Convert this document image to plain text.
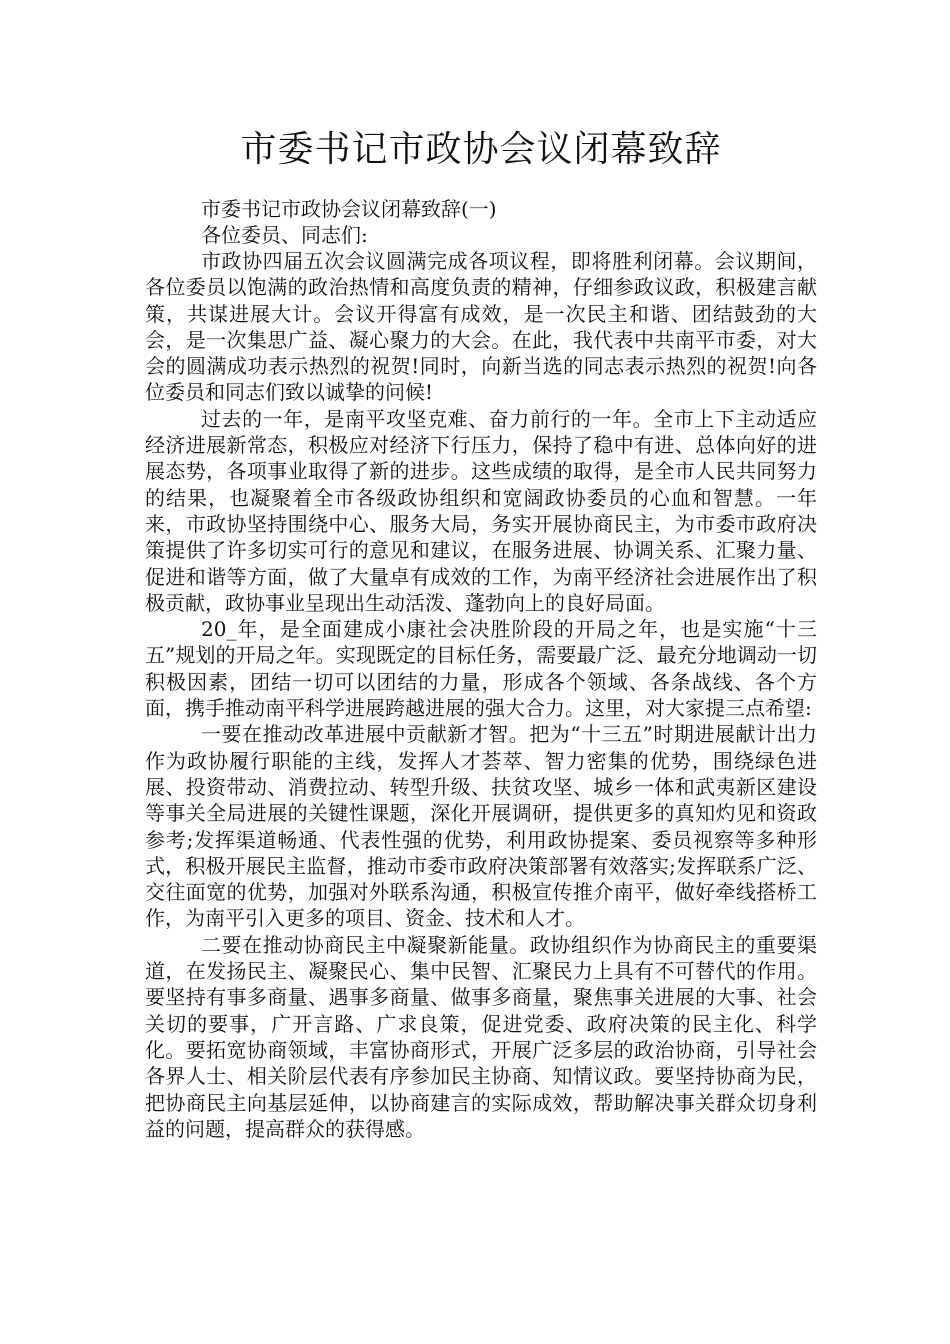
市委书记市政协会议闭幕致辞

市委书记市政协会议闭幕致辞(一)

各位委员、同志们:

市政协四届五次会议圆满完成各项议程，即将胜利闭幕。会议期间，各位委员以饱满的政治热情和高度负责的精神，仔细参政议政，积极建言献策，共谋进展大计。会议开得富有成效，是一次民主和谐、团结鼓劲的大会，是一次集思广益、凝心聚力的大会。在此，我代表中共南平市委，对大会的圆满成功表示热烈的祝贺!同时，向新当选的同志表示热烈的祝贺!向各位委员和同志们致以诚挚的问候!

过去的一年，是南平攻坚克难、奋力前行的一年。全市上下主动适应经济进展新常态，积极应对经济下行压力，保持了稳中有进、总体向好的进展态势，各项事业取得了新的进步。这些成绩的取得，是全市人民共同努力的结果，也凝聚着全市各级政协组织和宽阔政协委员的心血和智慧。一年来，市政协坚持围绕中心、服务大局，务实开展协商民主，为市委市政府决策提供了许多切实可行的意见和建议，在服务进展、协调关系、汇聚力量、促进和谐等方面，做了大量卓有成效的工作，为南平经济社会进展作出了积极贡献，政协事业呈现出生动活泼、蓬勃向上的良好局面。

20_年，是全面建成小康社会决胜阶段的开局之年，也是实施“十三五”规划的开局之年。实现既定的目标任务，需要最广泛、最充分地调动一切积极因素，团结一切可以团结的力量，形成各个领域、各条战线、各个方面，携手推动南平科学进展跨越进展的强大合力。这里，对大家提三点希望:

一要在推动改革进展中贡献新才智。把为“十三五”时期进展献计出力作为政协履行职能的主线，发挥人才荟萃、智力密集的优势，围绕绿色进展、投资带动、消费拉动、转型升级、扶贫攻坚、城乡一体和武夷新区建设等事关全局进展的关键性课题，深化开展调研，提供更多的真知灼见和资政参考;发挥渠道畅通、代表性强的优势，利用政协提案、委员视察等多种形式，积极开展民主监督，推动市委市政府决策部署有效落实;发挥联系广泛、交往面宽的优势，加强对外联系沟通，积极宣传推介南平，做好牵线搭桥工作，为南平引入更多的项目、资金、技术和人才。

二要在推动协商民主中凝聚新能量。政协组织作为协商民主的重要渠道，在发扬民主、凝聚民心、集中民智、汇聚民力上具有不可替代的作用。要坚持有事多商量、遇事多商量、做事多商量，聚焦事关进展的大事、社会关切的要事，广开言路、广求良策，促进党委、政府决策的民主化、科学化。要拓宽协商领域，丰富协商形式，开展广泛多层的政治协商，引导社会各界人士、相关阶层代表有序参加民主协商、知情议政。要坚持协商为民，把协商民主向基层延伸，以协商建言的实际成效，帮助解决事关群众切身利益的问题，提高群众的获得感。
